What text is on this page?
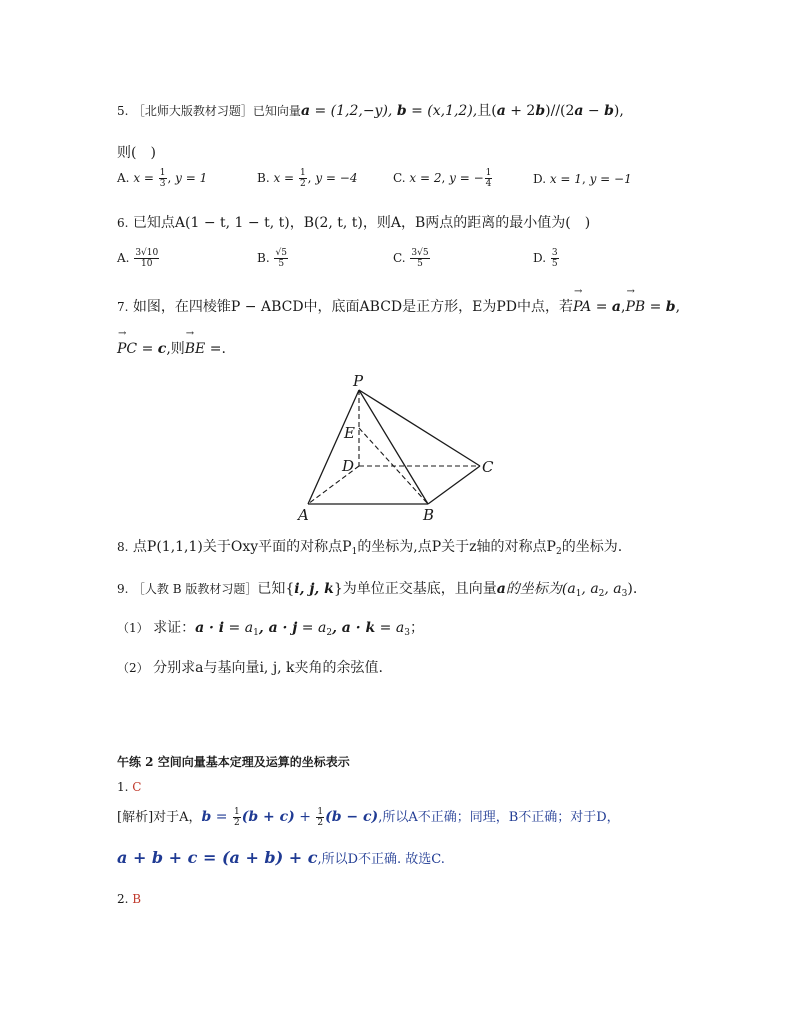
5. ［北师大版教材习题］已知向量a = (1,2,−y), b = (x,1,2),且(a + 2b)//(2a − b),
则(　)
A. $x = \frac{1}{3}$ , y = 1	B. $x = \frac{1}{2}$ , y = −4	C. x = 2, y = − $\frac{1}{4}$	D. x = 1, y = −1
6. 已知点A(1 − t, 1 − t, t)，B(2, t, t)，则A，B两点的距离的最小值为(　)
A. $\frac{3√10}{10}$	B. $\frac{√5}{5}$	C. $\frac{3√5}{5}$	D. $\frac{3}{5}$
7. 如图，在四棱锥P − ABCD中，底面ABCD是正方形，E为PD中点，若→ PA = a,→ PB = b,
→ PC = c,则→ BE =.
P
E
D	C
A	B
8. 点P(1,1,1)关于Oxy平面的对称点$P_1$的坐标为,点P关于z轴的对称点$P_2$的坐标为.
9. ［人教 B 版教材习题］已知{i, j, k}为单位正交基底，且向量a的坐标为($a_1$, $a_2$, $a_3$).
（1） 求证：$a \cdot i = a_1$, $a \cdot j = a_2$, $a \cdot k = a_3$；
（2） 分别求a与基向量i, j, k夹角的余弦值.
午练 2 空间向量基本定理及运算的坐标表示
1. C
[解析]对于A，$b = \frac{1}{2} (b + c) + \frac{1}{2} (b - c)$,所以A不正确；同理，B不正确；对于D，
a + b + c = (a + b) + c,所以D不正确. 故选C.
2. B
